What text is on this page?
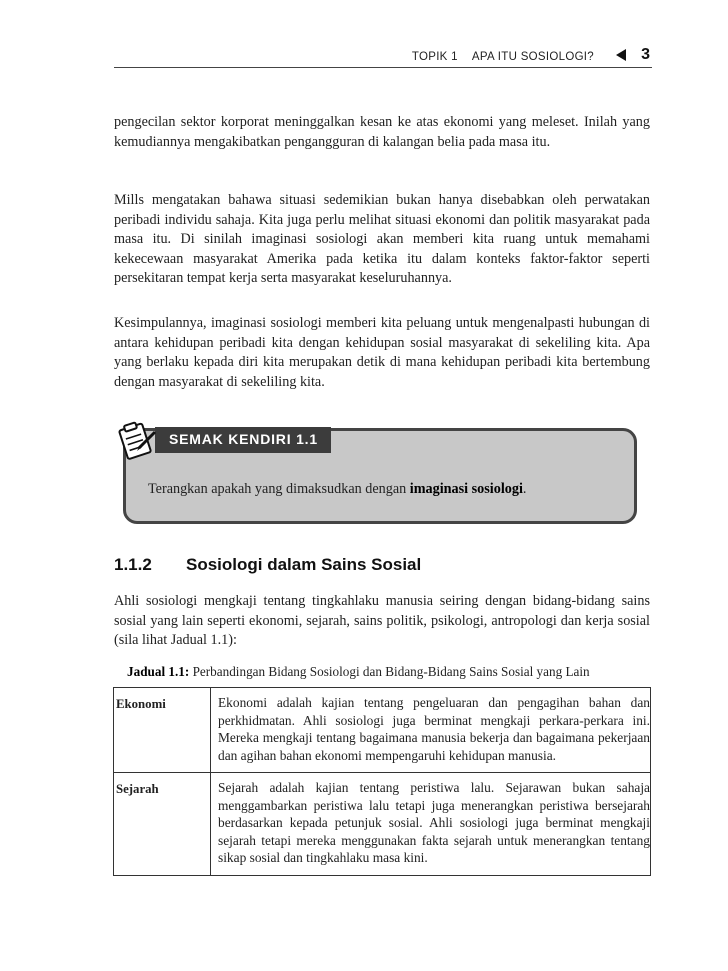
TOPIK 1 APA ITU SOSIOLOGI?	3

pengecilan sektor korporat meninggalkan kesan ke atas ekonomi yang meleset. Inilah yang kemudiannya mengakibatkan pengangguran di kalangan belia pada masa itu.

Mills mengatakan bahawa situasi sedemikian bukan hanya disebabkan oleh perwatakan peribadi individu sahaja. Kita juga perlu melihat situasi ekonomi dan politik masyarakat pada masa itu. Di sinilah imaginasi sosiologi akan memberi kita ruang untuk memahami kekecewaan masyarakat Amerika pada ketika itu dalam konteks faktor-faktor seperti persekitaran tempat kerja serta masyarakat keseluruhannya.

Kesimpulannya, imaginasi sosiologi memberi kita peluang untuk mengenalpasti hubungan di antara kehidupan peribadi kita dengan kehidupan sosial masyarakat di sekeliling kita. Apa yang berlaku kepada diri kita merupakan detik di mana kehidupan peribadi kita bertembung dengan masyarakat di sekeliling kita.

SEMAK KENDIRI 1.1
Terangkan apakah yang dimaksudkan dengan imaginasi sosiologi.
1.1.2 Sosiologi dalam Sains Sosial

Ahli sosiologi mengkaji tentang tingkahlaku manusia seiring dengan bidang-bidang sains sosial yang lain seperti ekonomi, sejarah, sains politik, psikologi, antropologi dan kerja sosial (sila lihat Jadual 1.1):

Jadual 1.1: Perbandingan Bidang Sosiologi dan Bidang-Bidang Sains Sosial yang Lain
Ekonomi	Ekonomi adalah kajian tentang pengeluaran dan pengagihan bahan dan perkhidmatan. Ahli sosiologi juga berminat mengkaji perkara-perkara ini. Mereka mengkaji tentang bagaimana manusia bekerja dan bagaimana pekerjaan dan agihan bahan ekonomi mempengaruhi kehidupan manusia.
Sejarah	Sejarah adalah kajian tentang peristiwa lalu. Sejarawan bukan sahaja menggambarkan peristiwa lalu tetapi juga menerangkan peristiwa bersejarah berdasarkan kepada petunjuk sosial. Ahli sosiologi juga berminat mengkaji sejarah tetapi mereka menggunakan fakta sejarah untuk menerangkan tentang sikap sosial dan tingkahlaku masa kini.
